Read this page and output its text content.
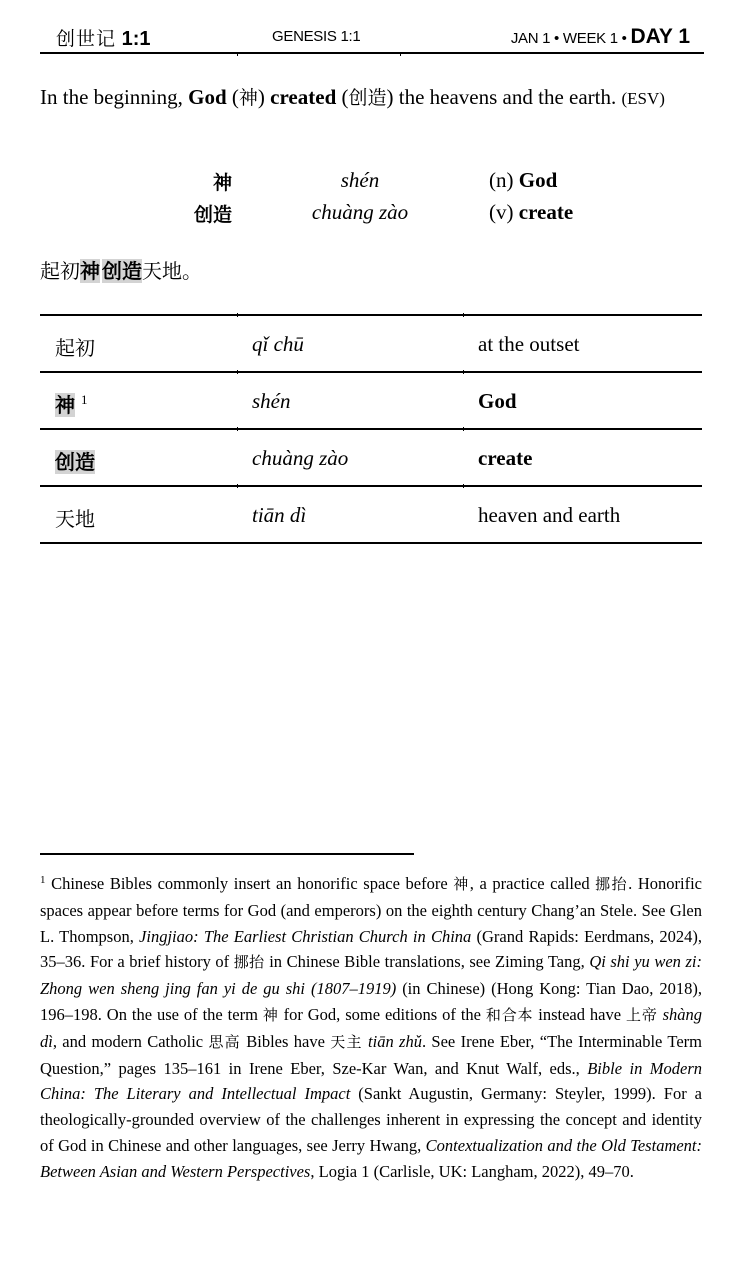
创世记 1:1	GENESIS 1:1	JAN 1 • WEEK 1 • DAY 1

In the beginning, God (神) created (创造) the heavens and the earth. (ESV)

神	shén	(n) God
创造	chuàng zào	(v) create
起初神 创造天地。
起初	qǐ chū	at the outset
神 $^1$	shén	God
创造	chuàng zào	create
天地	tiān dì	heaven and earth

$^1$ Chinese Bibles commonly insert an honorific space before 神, a practice called 挪抬. Honorific spaces appear before terms for God (and emperors) on the eighth century Chang’an Stele. See Glen L. Thompson, Jingjiao: The Earliest Christian Church in China (Grand Rapids: Eerdmans, 2024), 35–36. For a brief history of 挪抬 in Chinese Bible translations, see Ziming Tang, Qi shi yu wen zi: Zhong wen sheng jing fan yi de gu shi (1807–1919) (in Chinese) (Hong Kong: Tian Dao, 2018), 196–198. On the use of the term 神 for God, some editions of the 和合本 instead have 上帝 shàng dì, and modern Catholic 思高 Bibles have 天主 tiān zhǔ. See Irene Eber, “The Interminable Term Question,” pages 135–161 in Irene Eber, Sze-Kar Wan, and Knut Walf, eds., Bible in Modern China: The Literary and Intellectual Impact (Sankt Augustin, Germany: Steyler, 1999). For a theologically-grounded overview of the challenges inherent in expressing the concept and identity of God in Chinese and other languages, see Jerry Hwang, Contextualization and the Old Testament: Between Asian and Western Perspectives, Logia 1 (Carlisle, UK: Langham, 2022), 49–70.
